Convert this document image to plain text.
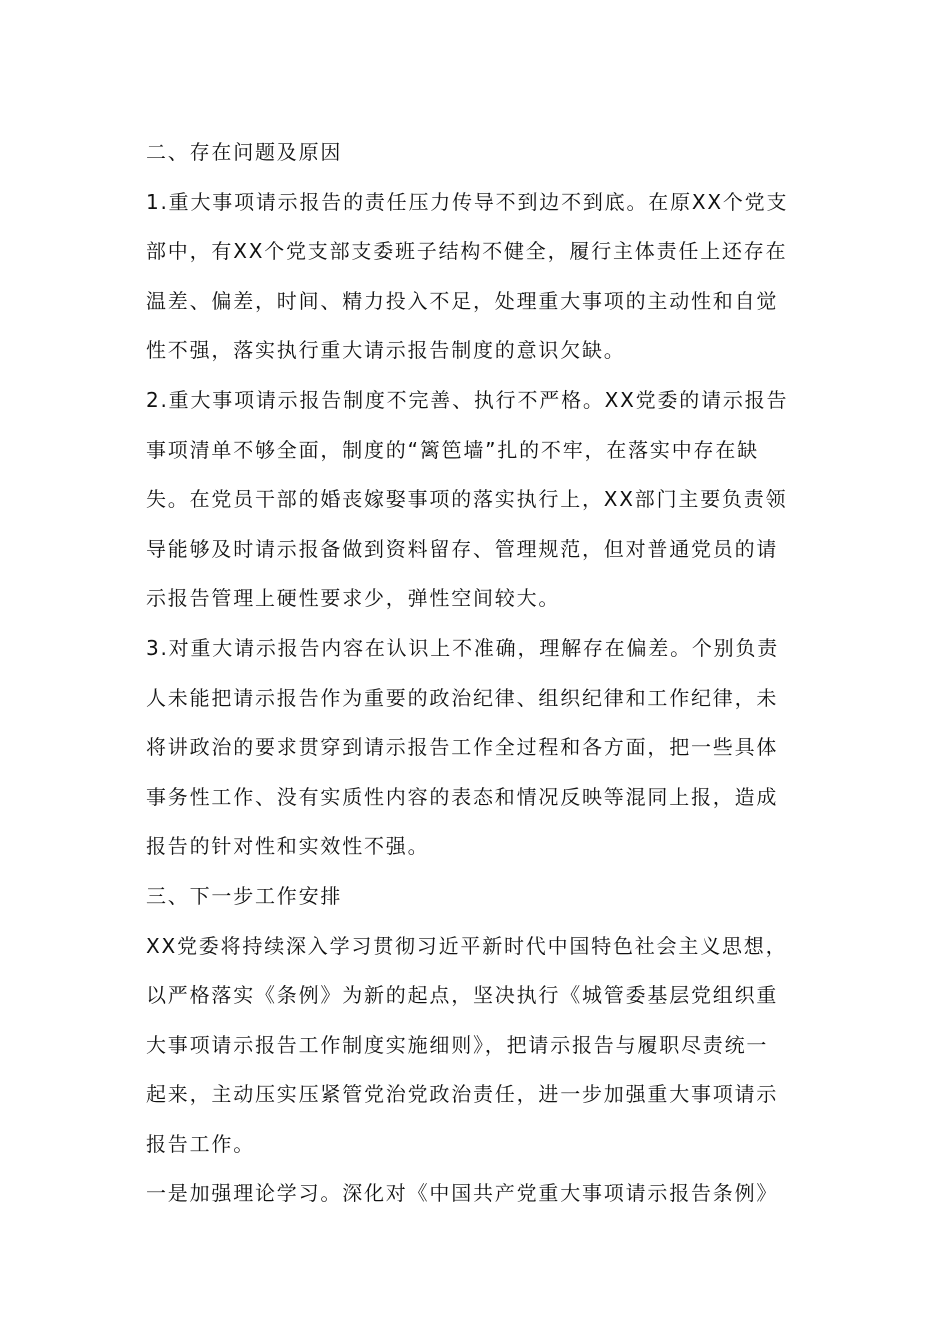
二、存在问题及原因
1.重大事项请示报告的责任压力传导不到边不到底。在原XX个党支
部中，有XX个党支部支委班子结构不健全，履行主体责任上还存在
温差、偏差，时间、精力投入不足，处理重大事项的主动性和自觉
性不强，落实执行重大请示报告制度的意识欠缺。
2.重大事项请示报告制度不完善、执行不严格。XX党委的请示报告
事项清单不够全面，制度的“篱笆墙”扎的不牢，在落实中存在缺
失。在党员干部的婚丧嫁娶事项的落实执行上，XX部门主要负责领
导能够及时请示报备做到资料留存、管理规范，但对普通党员的请
示报告管理上硬性要求少，弹性空间较大。
3.对重大请示报告内容在认识上不准确，理解存在偏差。个别负责
人未能把请示报告作为重要的政治纪律、组织纪律和工作纪律，未
将讲政治的要求贯穿到请示报告工作全过程和各方面，把一些具体
事务性工作、没有实质性内容的表态和情况反映等混同上报，造成
报告的针对性和实效性不强。
三、下一步工作安排
XX党委将持续深入学习贯彻习近平新时代中国特色社会主义思想，
以严格落实《条例》为新的起点，坚决执行《城管委基层党组织重
大事项请示报告工作制度实施细则》，把请示报告与履职尽责统一
起来，主动压实压紧管党治党政治责任，进一步加强重大事项请示
报告工作。
一是加强理论学习。深化对《中国共产党重大事项请示报告条例》
